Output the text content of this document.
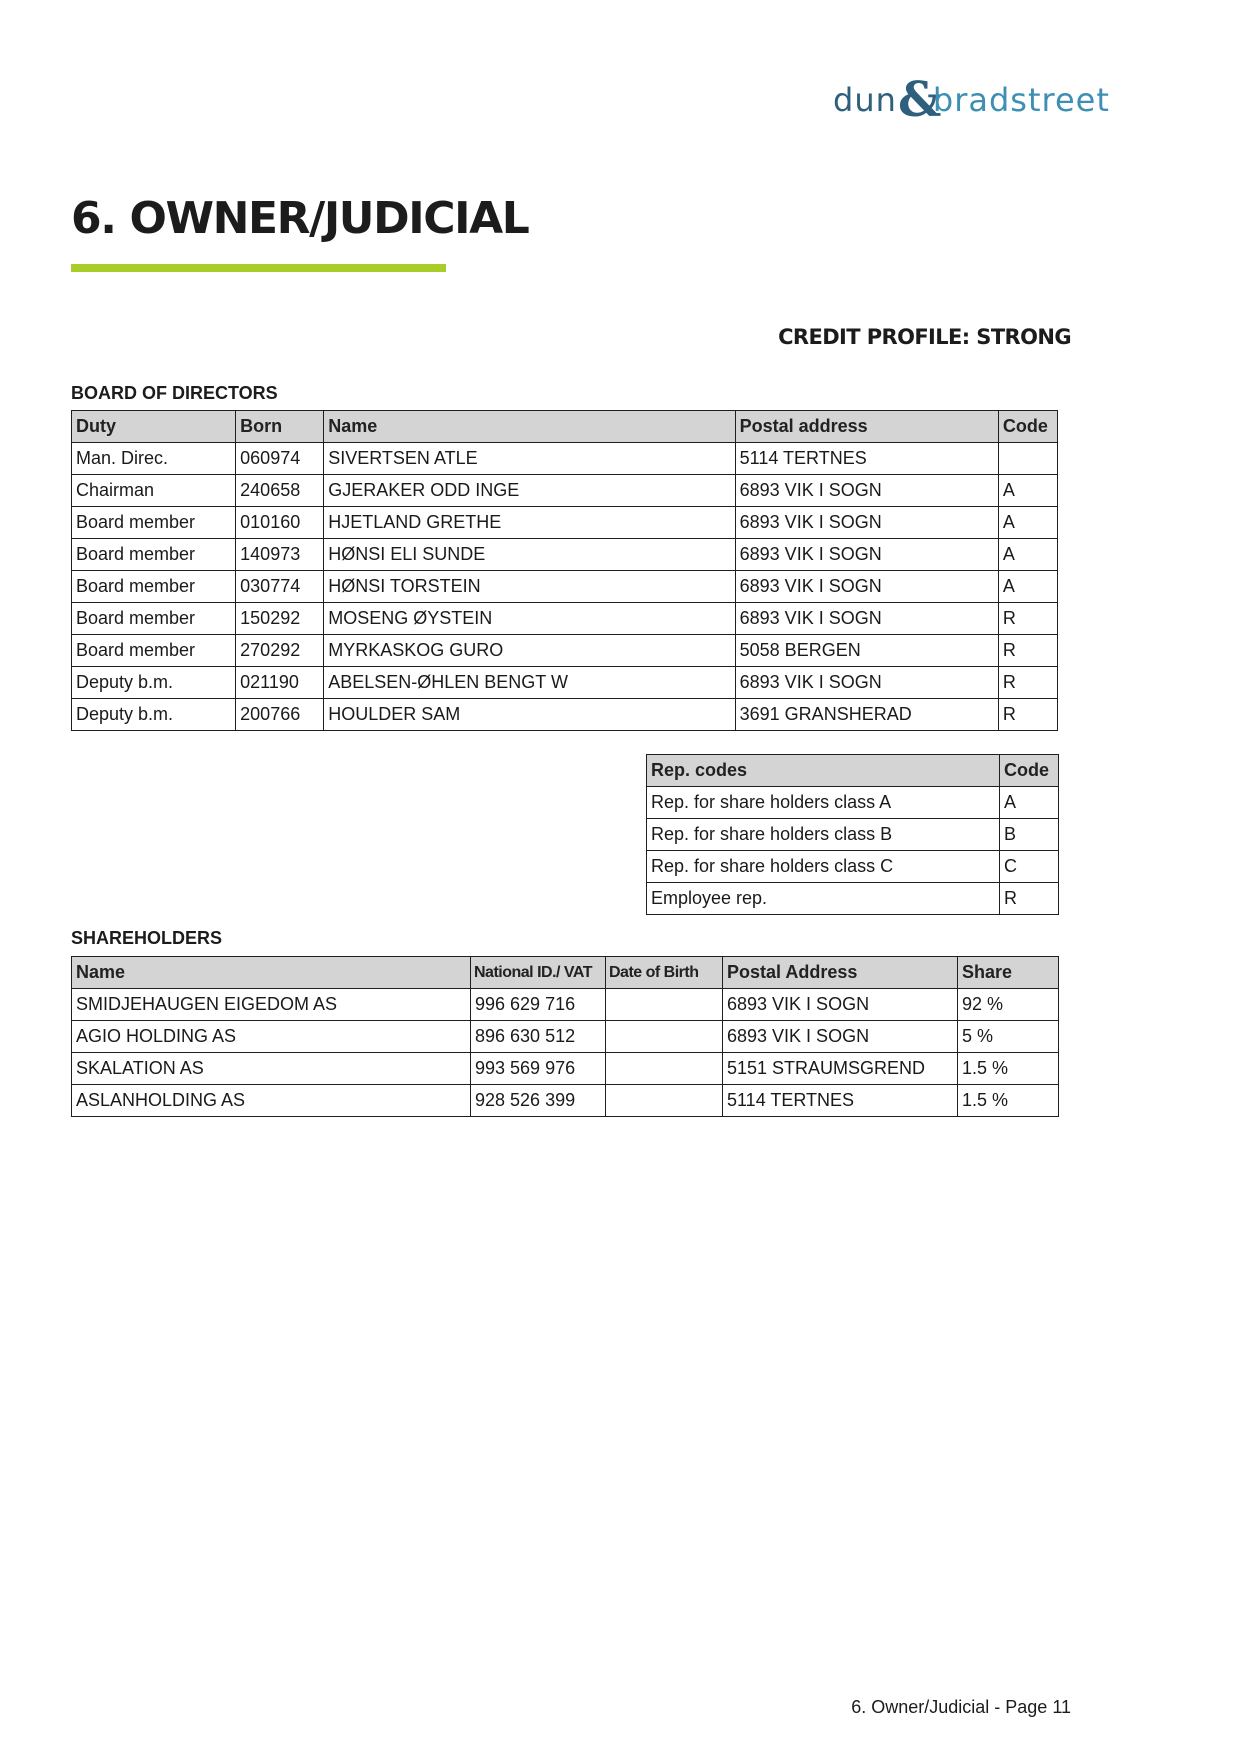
dun &
bradstreet
6. OWNER/JUDICIAL
CREDIT PROFILE: STRONG
BOARD OF DIRECTORS
Duty	Born	Name	Postal address	Code
Man. Direc.	060974	SIVERTSEN ATLE	5114 TERTNES	
Chairman	240658	GJERAKER ODD INGE	6893 VIK I SOGN	A
Board member	010160	HJETLAND GRETHE	6893 VIK I SOGN	A
Board member	140973	HØNSI ELI SUNDE	6893 VIK I SOGN	A
Board member	030774	HØNSI TORSTEIN	6893 VIK I SOGN	A
Board member	150292	MOSENG ØYSTEIN	6893 VIK I SOGN	R
Board member	270292	MYRKASKOG GURO	5058 BERGEN	R
Deputy b.m.	021190	ABELSEN-ØHLEN BENGT W	6893 VIK I SOGN	R
Deputy b.m.	200766	HOULDER SAM	3691 GRANSHERAD	R
Rep. codes	Code
Rep. for share holders class A	A
Rep. for share holders class B	B
Rep. for share holders class C	C
Employee rep.	R
SHAREHOLDERS
Name	National ID./ VAT	Date of Birth	Postal Address	Share
SMIDJEHAUGEN EIGEDOM AS	996 629 716		6893 VIK I SOGN	92 %
AGIO HOLDING AS	896 630 512		6893 VIK I SOGN	5 %
SKALATION AS	993 569 976		5151 STRAUMSGREND	1.5 %
ASLANHOLDING AS	928 526 399		5114 TERTNES	1.5 %
6. Owner/Judicial - Page 11
